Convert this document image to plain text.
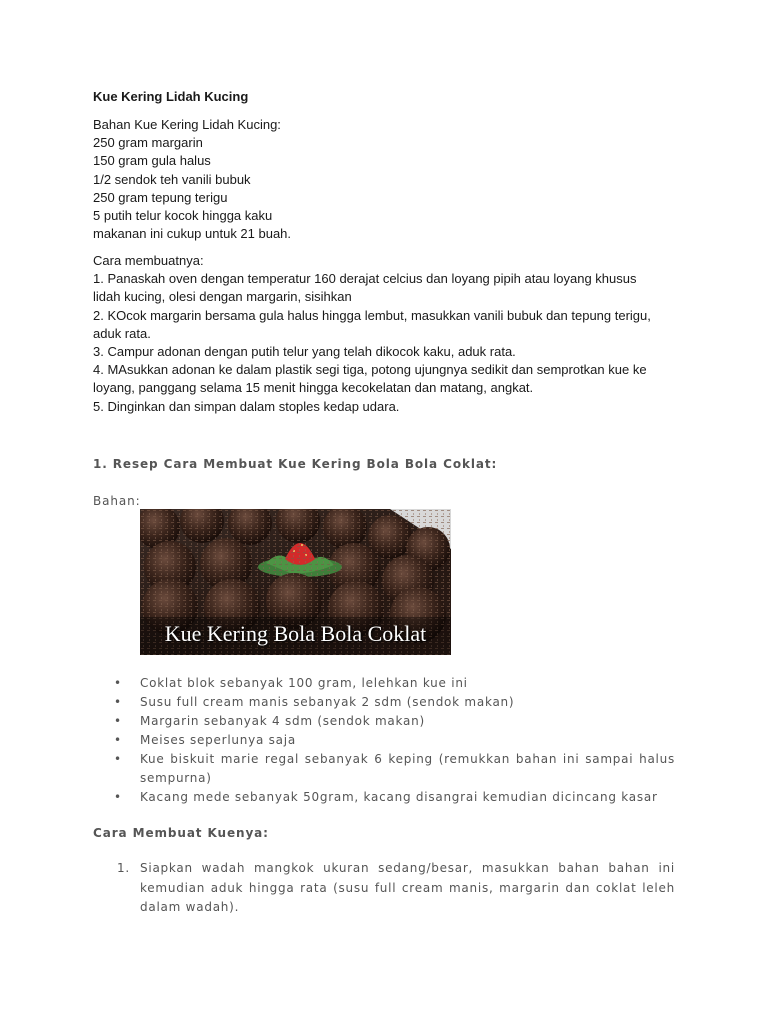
Kue Kering Lidah Kucing
Bahan Kue Kering Lidah Kucing:
250 gram margarin
150 gram gula halus
1/2 sendok teh vanili bubuk
250 gram tepung terigu
5 putih telur kocok hingga kaku
makanan ini cukup untuk 21 buah.
Cara membuatnya:
1. Panaskah oven dengan temperatur 160 derajat celcius dan loyang pipih atau loyang khusus
lidah kucing, olesi dengan margarin, sisihkan
2. KOcok margarin bersama gula halus hingga lembut, masukkan vanili bubuk dan tepung terigu,
aduk rata.
3. Campur adonan dengan putih telur yang telah dikocok kaku, aduk rata.
4. MAsukkan adonan ke dalam plastik segi tiga, potong ujungnya sedikit dan semprotkan kue ke
loyang, panggang selama 15 menit hingga kecokelatan dan matang, angkat.
5. Dinginkan dan simpan dalam stoples kedap udara.
1. Resep Cara Membuat Kue Kering Bola Bola Coklat:
Bahan:
Kue Kering Bola Bola Coklat
• Coklat blok sebanyak 100 gram, lelehkan kue ini
• Susu full cream manis sebanyak 2 sdm (sendok makan)
• Margarin sebanyak 4 sdm (sendok makan)
• Meises seperlunya saja
• Kue biskuit marie regal sebanyak 6 keping (remukkan bahan ini sampai halus sempurna)
• Kacang mede sebanyak 50gram, kacang disangrai kemudian dicincang kasar
Cara Membuat Kuenya:
1. Siapkan wadah mangkok ukuran sedang/besar, masukkan bahan bahan ini kemudian aduk hingga rata (susu full cream manis, margarin dan coklat leleh dalam wadah).
